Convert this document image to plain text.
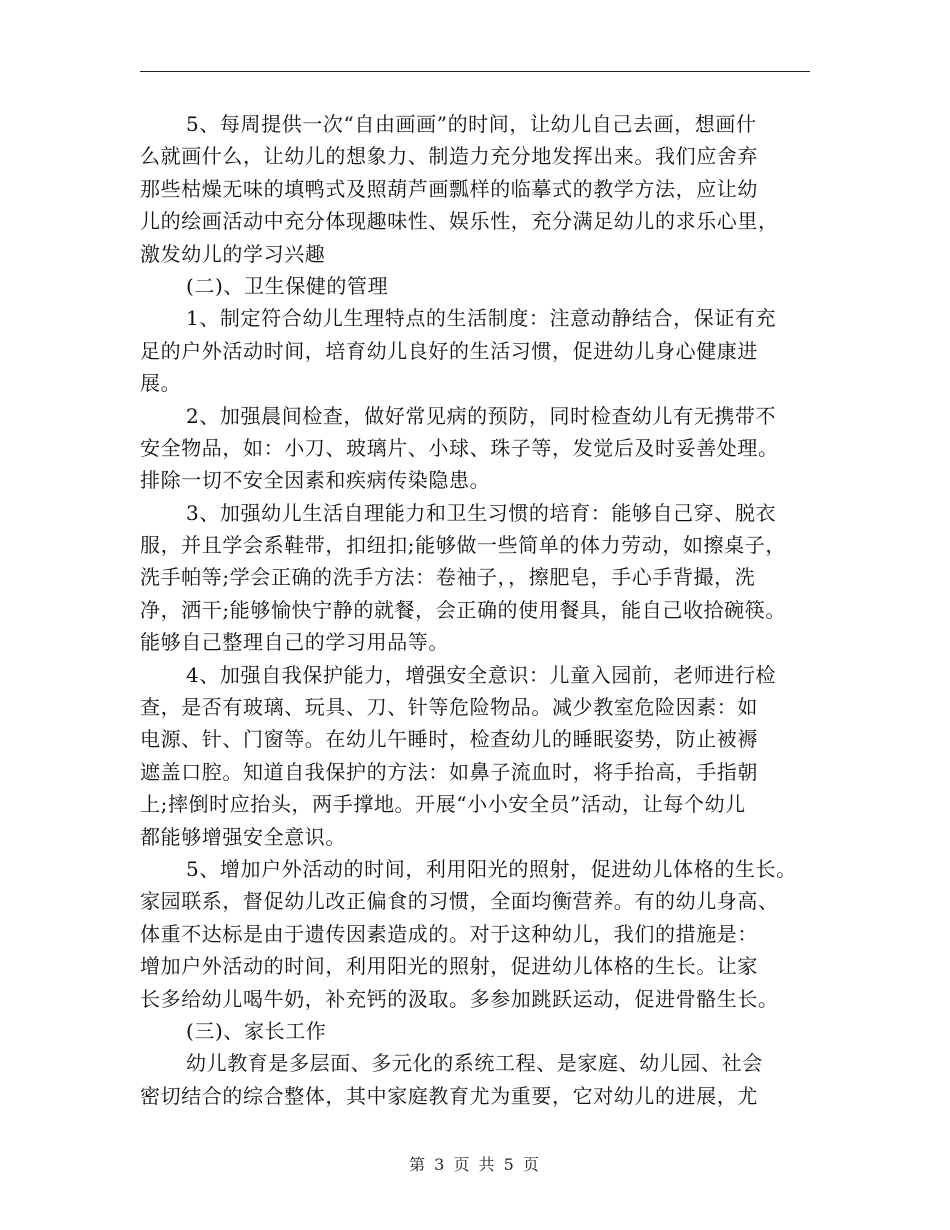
5、每周提供一次“自由画画”的时间，让幼儿自己去画，想画什
么就画什么，让幼儿的想象力、制造力充分地发挥出来。我们应舍弃
那些枯燥无味的填鸭式及照葫芦画瓢样的临摹式的教学方法，应让幼
儿的绘画活动中充分体现趣味性、娱乐性，充分满足幼儿的求乐心里，
激发幼儿的学习兴趣
(二)、卫生保健的管理
1、制定符合幼儿生理特点的生活制度：注意动静结合，保证有充
足的户外活动时间，培育幼儿良好的生活习惯，促进幼儿身心健康进
展。
2、加强晨间检查，做好常见病的预防，同时检查幼儿有无携带不
安全物品，如：小刀、玻璃片、小球、珠子等，发觉后及时妥善处理。
排除一切不安全因素和疾病传染隐患。
3、加强幼儿生活自理能力和卫生习惯的培育：能够自己穿、脱衣
服，并且学会系鞋带，扣纽扣;能够做一些简单的体力劳动，如擦桌子，
洗手帕等;学会正确的洗手方法：卷袖子，，擦肥皂，手心手背撮，洗
净，洒干;能够愉快宁静的就餐，会正确的使用餐具，能自己收拾碗筷。
能够自己整理自己的学习用品等。
4、加强自我保护能力，增强安全意识：儿童入园前，老师进行检
查，是否有玻璃、玩具、刀、针等危险物品。减少教室危险因素：如
电源、针、门窗等。在幼儿午睡时，检查幼儿的睡眠姿势，防止被褥
遮盖口腔。知道自我保护的方法：如鼻子流血时，将手抬高，手指朝
上;摔倒时应抬头，两手撑地。开展“小小安全员”活动，让每个幼儿
都能够增强安全意识。
5、增加户外活动的时间，利用阳光的照射，促进幼儿体格的生长。
家园联系，督促幼儿改正偏食的习惯，全面均衡营养。有的幼儿身高、
体重不达标是由于遗传因素造成的。对于这种幼儿，我们的措施是：
增加户外活动的时间，利用阳光的照射，促进幼儿体格的生长。让家
长多给幼儿喝牛奶，补充钙的汲取。多参加跳跃运动，促进骨骼生长。
(三)、家长工作
幼儿教育是多层面、多元化的系统工程、是家庭、幼儿园、社会
密切结合的综合整体，其中家庭教育尤为重要，它对幼儿的进展，尤
第 3 页 共 5 页
